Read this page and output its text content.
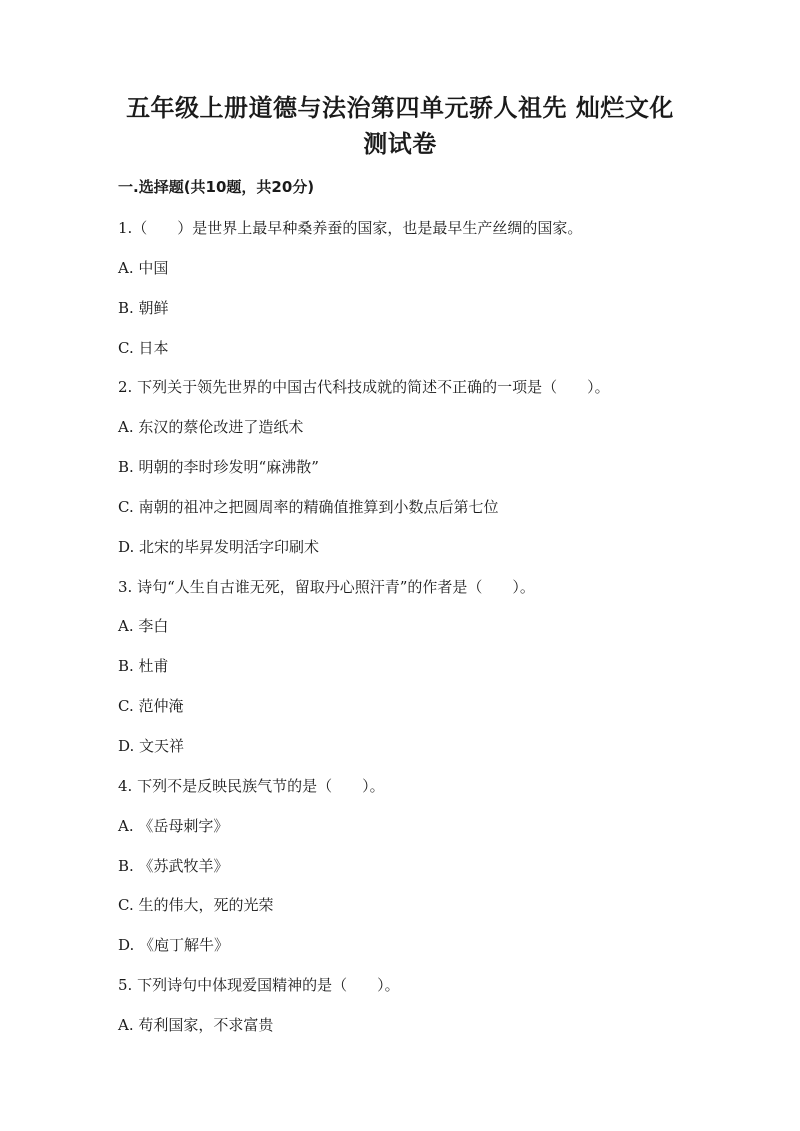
五年级上册道德与法治第四单元骄人祖先 灿烂文化
测试卷
一.选择题(共10题，共20分)
1.（　　）是世界上最早种桑养蚕的国家，也是最早生产丝绸的国家。
A. 中国
B. 朝鲜
C. 日本
2. 下列关于领先世界的中国古代科技成就的简述不正确的一项是（　　）。
A. 东汉的蔡伦改进了造纸术
B. 明朝的李时珍发明“麻沸散”
C. 南朝的祖冲之把圆周率的精确值推算到小数点后第七位
D. 北宋的毕昇发明活字印刷术
3. 诗句“人生自古谁无死，留取丹心照汗青”的作者是（　　）。
A. 李白
B. 杜甫
C. 范仲淹
D. 文天祥
4. 下列不是反映民族气节的是（　　）。
A. 《岳母刺字》
B. 《苏武牧羊》
C. 生的伟大，死的光荣
D. 《庖丁解牛》
5. 下列诗句中体现爱国精神的是（　　）。
A. 苟利国家，不求富贵
